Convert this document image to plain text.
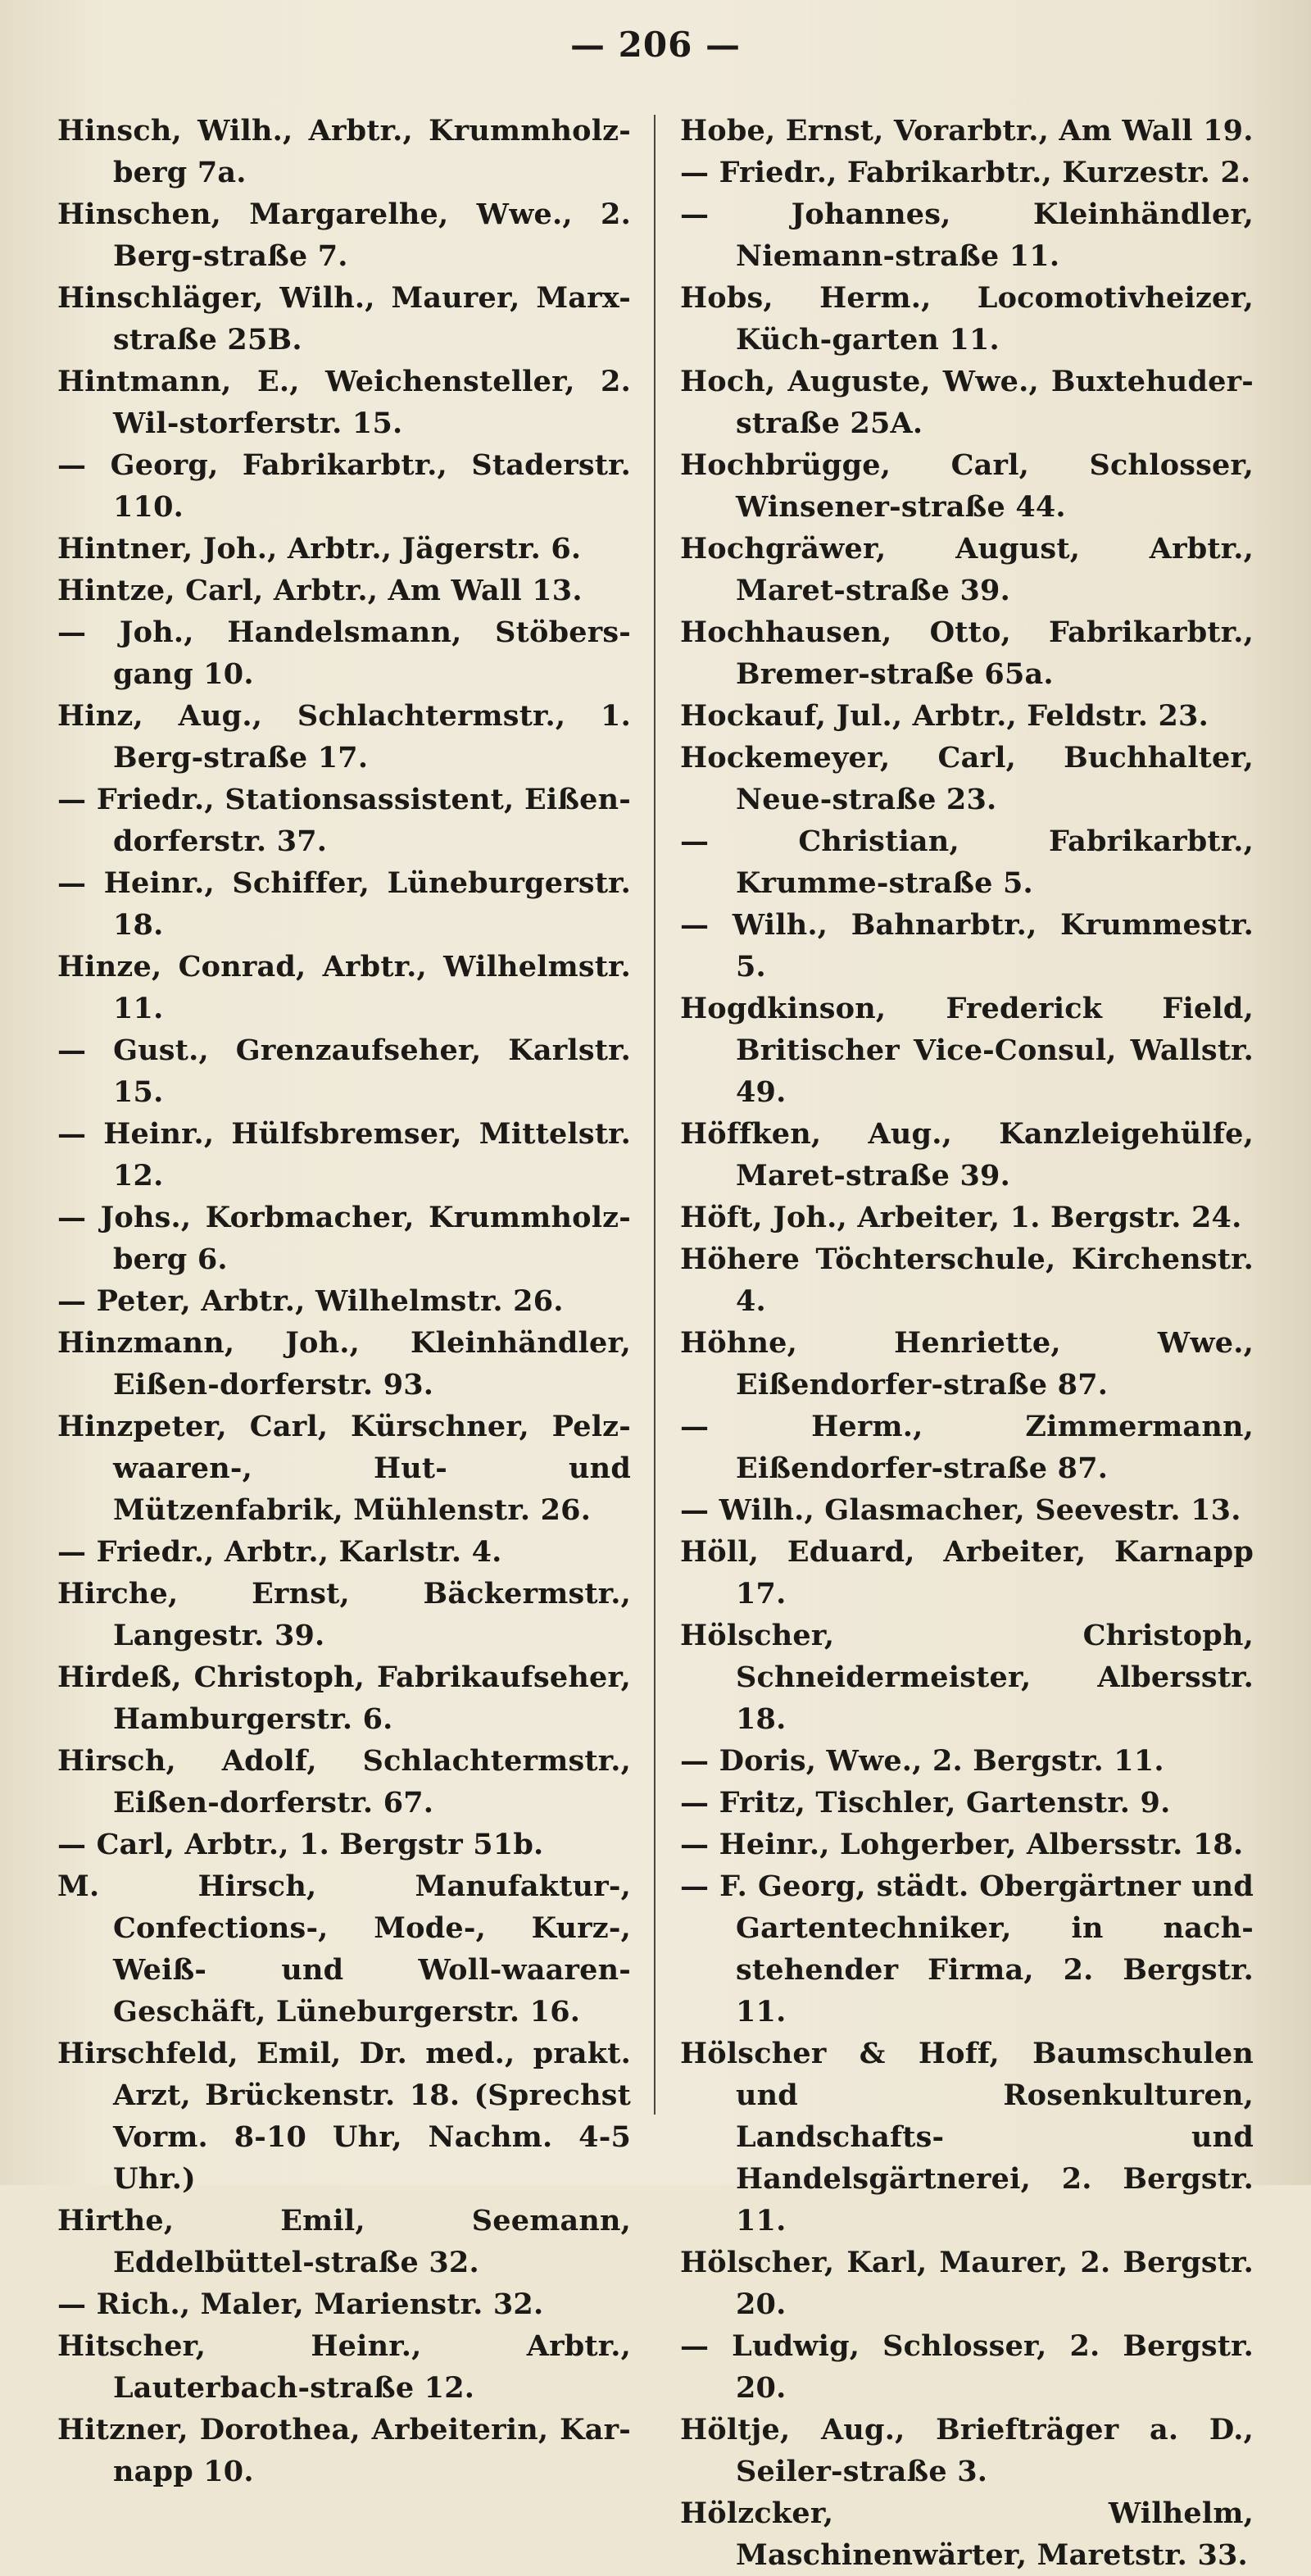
— 206 —
Hinsch, Wilh., Arbtr., Krummholz-berg 7a.
Hinschen, Margarelhe, Wwe., 2. Berg-straße 7.
Hinschläger, Wilh., Maurer, Marx-straße 25B.
Hintmann, E., Weichensteller, 2. Wil-storferstr. 15.
— Georg, Fabrikarbtr., Staderstr. 110.
Hintner, Joh., Arbtr., Jägerstr. 6.
Hintze, Carl, Arbtr., Am Wall 13.
— Joh., Handelsmann, Stöbers-gang 10.
Hinz, Aug., Schlachtermstr., 1. Berg-straße 17.
— Friedr., Stationsassistent, Eißen-dorferstr. 37.
— Heinr., Schiffer, Lüneburgerstr. 18.
Hinze, Conrad, Arbtr., Wilhelmstr. 11.
— Gust., Grenzaufseher, Karlstr. 15.
— Heinr., Hülfsbremser, Mittelstr. 12.
— Johs., Korbmacher, Krummholz-berg 6.
— Peter, Arbtr., Wilhelmstr. 26.
Hinzmann, Joh., Kleinhändler, Eißen-dorferstr. 93.
Hinzpeter, Carl, Kürschner, Pelz-waaren-, Hut- und Mützenfabrik, Mühlenstr. 26.
— Friedr., Arbtr., Karlstr. 4.
Hirche, Ernst, Bäckermstr., Langestr. 39.
Hirdeß, Christoph, Fabrikaufseher, Hamburgerstr. 6.
Hirsch, Adolf, Schlachtermstr., Eißen-dorferstr. 67.
— Carl, Arbtr., 1. Bergstr 51b.
M. Hirsch, Manufaktur-, Confections-, Mode-, Kurz-, Weiß- und Woll-waaren-Geschäft, Lüneburgerstr. 16.
Hirschfeld, Emil, Dr. med., prakt. Arzt, Brückenstr. 18. (Sprechst Vorm. 8-10 Uhr, Nachm. 4-5 Uhr.)
Hirthe, Emil, Seemann, Eddelbüttel-straße 32.
— Rich., Maler, Marienstr. 32.
Hitscher, Heinr., Arbtr., Lauterbach-straße 12.
Hitzner, Dorothea, Arbeiterin, Kar-napp 10.
Hobe, Ernst, Vorarbtr., Am Wall 19.
— Friedr., Fabrikarbtr., Kurzestr. 2.
— Johannes, Kleinhändler, Niemann-straße 11.
Hobs, Herm., Locomotivheizer, Küch-garten 11.
Hoch, Auguste, Wwe., Buxtehuder-straße 25A.
Hochbrügge, Carl, Schlosser, Winsener-straße 44.
Hochgräwer, August, Arbtr., Maret-straße 39.
Hochhausen, Otto, Fabrikarbtr., Bremer-straße 65a.
Hockauf, Jul., Arbtr., Feldstr. 23.
Hockemeyer, Carl, Buchhalter, Neue-straße 23.
— Christian, Fabrikarbtr., Krumme-straße 5.
— Wilh., Bahnarbtr., Krummestr. 5.
Hogdkinson, Frederick Field, Britischer Vice-Consul, Wallstr. 49.
Höffken, Aug., Kanzleigehülfe, Maret-straße 39.
Höft, Joh., Arbeiter, 1. Bergstr. 24.
Höhere Töchterschule, Kirchenstr. 4.
Höhne, Henriette, Wwe., Eißendorfer-straße 87.
— Herm., Zimmermann, Eißendorfer-straße 87.
— Wilh., Glasmacher, Seevestr. 13.
Höll, Eduard, Arbeiter, Karnapp 17.
Hölscher, Christoph, Schneidermeister, Albersstr. 18.
— Doris, Wwe., 2. Bergstr. 11.
— Fritz, Tischler, Gartenstr. 9.
— Heinr., Lohgerber, Albersstr. 18.
— F. Georg, städt. Obergärtner und Gartentechniker, in nach-stehender Firma, 2. Bergstr. 11.
Hölscher & Hoff, Baumschulen und Rosenkulturen, Landschafts- und Handelsgärtnerei, 2. Bergstr. 11.
Hölscher, Karl, Maurer, 2. Bergstr. 20.
— Ludwig, Schlosser, 2. Bergstr. 20.
Höltje, Aug., Briefträger a. D., Seiler-straße 3.
Hölzcker, Wilhelm, Maschinenwärter, Maretstr. 33.
